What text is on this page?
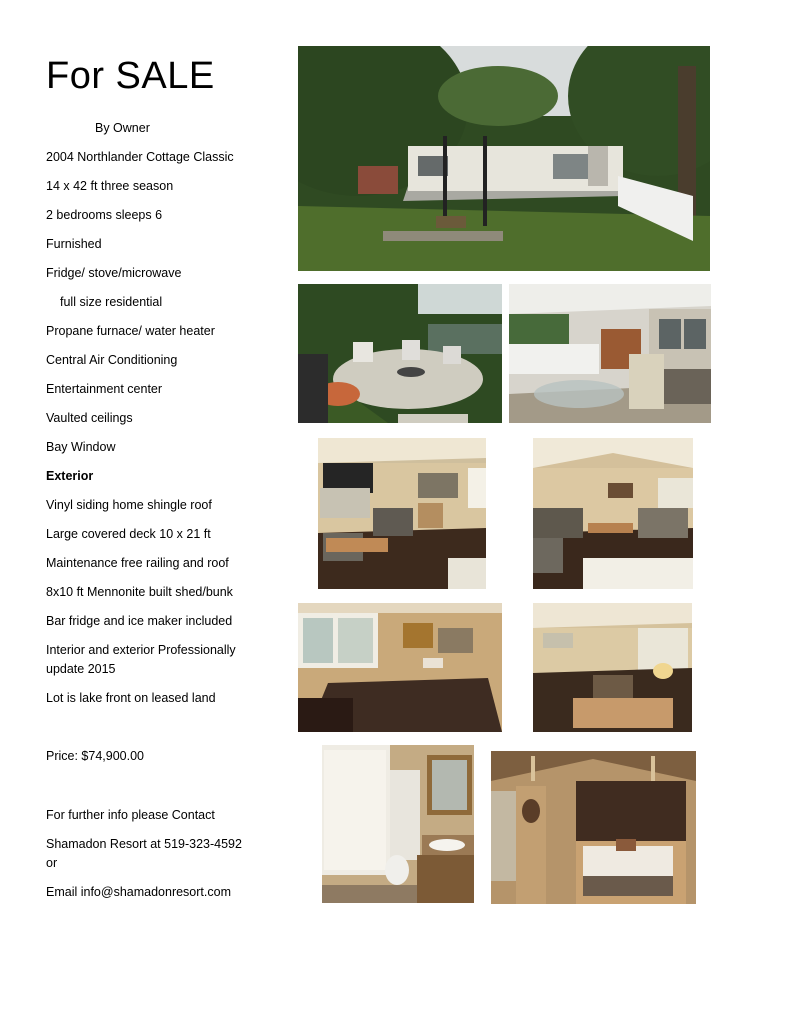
For SALE
By Owner
2004 Northlander Cottage Classic
14 x 42 ft three season
2 bedrooms sleeps 6
Furnished
Fridge/ stove/microwave
full size residential
Propane furnace/ water heater
Central Air Conditioning
Entertainment center
Vaulted ceilings
Bay Window
Exterior
Vinyl siding home shingle roof
Large covered deck 10 x 21 ft
Maintenance free railing and roof
8x10 ft Mennonite built shed/bunk
Bar fridge and ice maker included
Interior and exterior Professionally
update 2015
Lot is lake front on leased land
Price: $74,900.00
For further info please Contact
Shamadon Resort at 519-323-4592
or
Email info@shamadonresort.com
